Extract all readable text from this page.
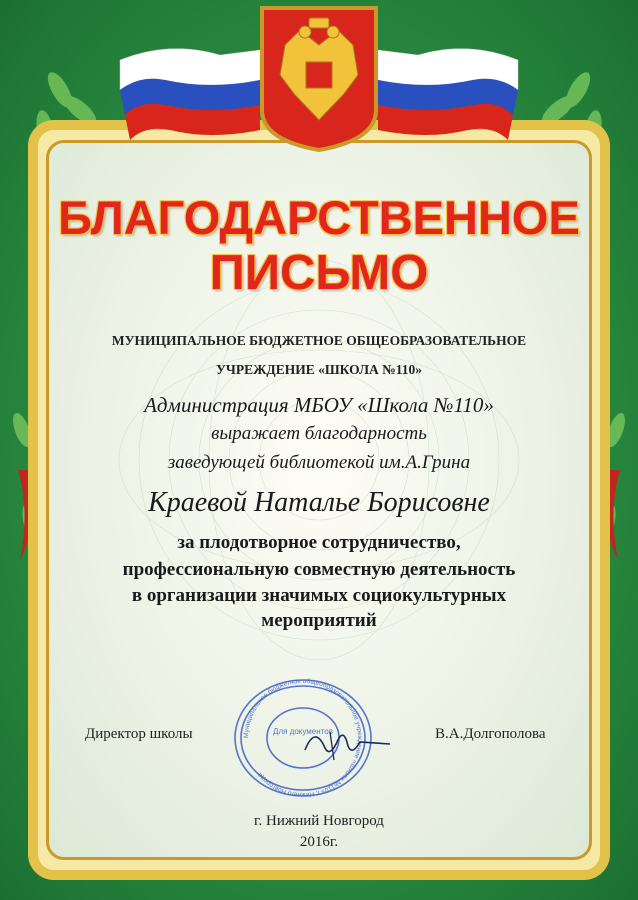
БЛАГОДАРСТВЕННОЕ
ПИСЬМО
МУНИЦИПАЛЬНОЕ БЮДЖЕТНОЕ ОБЩЕОБРАЗОВАТЕЛЬНОЕ
УЧРЕЖДЕНИЕ «ШКОЛА №110»
Администрация МБОУ «Школа №110»
выражает благодарность
заведующей библиотекой им.А.Грина
Краевой Наталье Борисовне
за плодотворное сотрудничество,
профессиональную совместную деятельность
в организации значимых социокультурных
мероприятий
Муниципальное бюджетное общеобразовательное учреждение «Школа №110» г. Нижнего Новгорода
Для документов
Директор школы	В.А.Долгополова
г. Нижний Новгород
2016г.
